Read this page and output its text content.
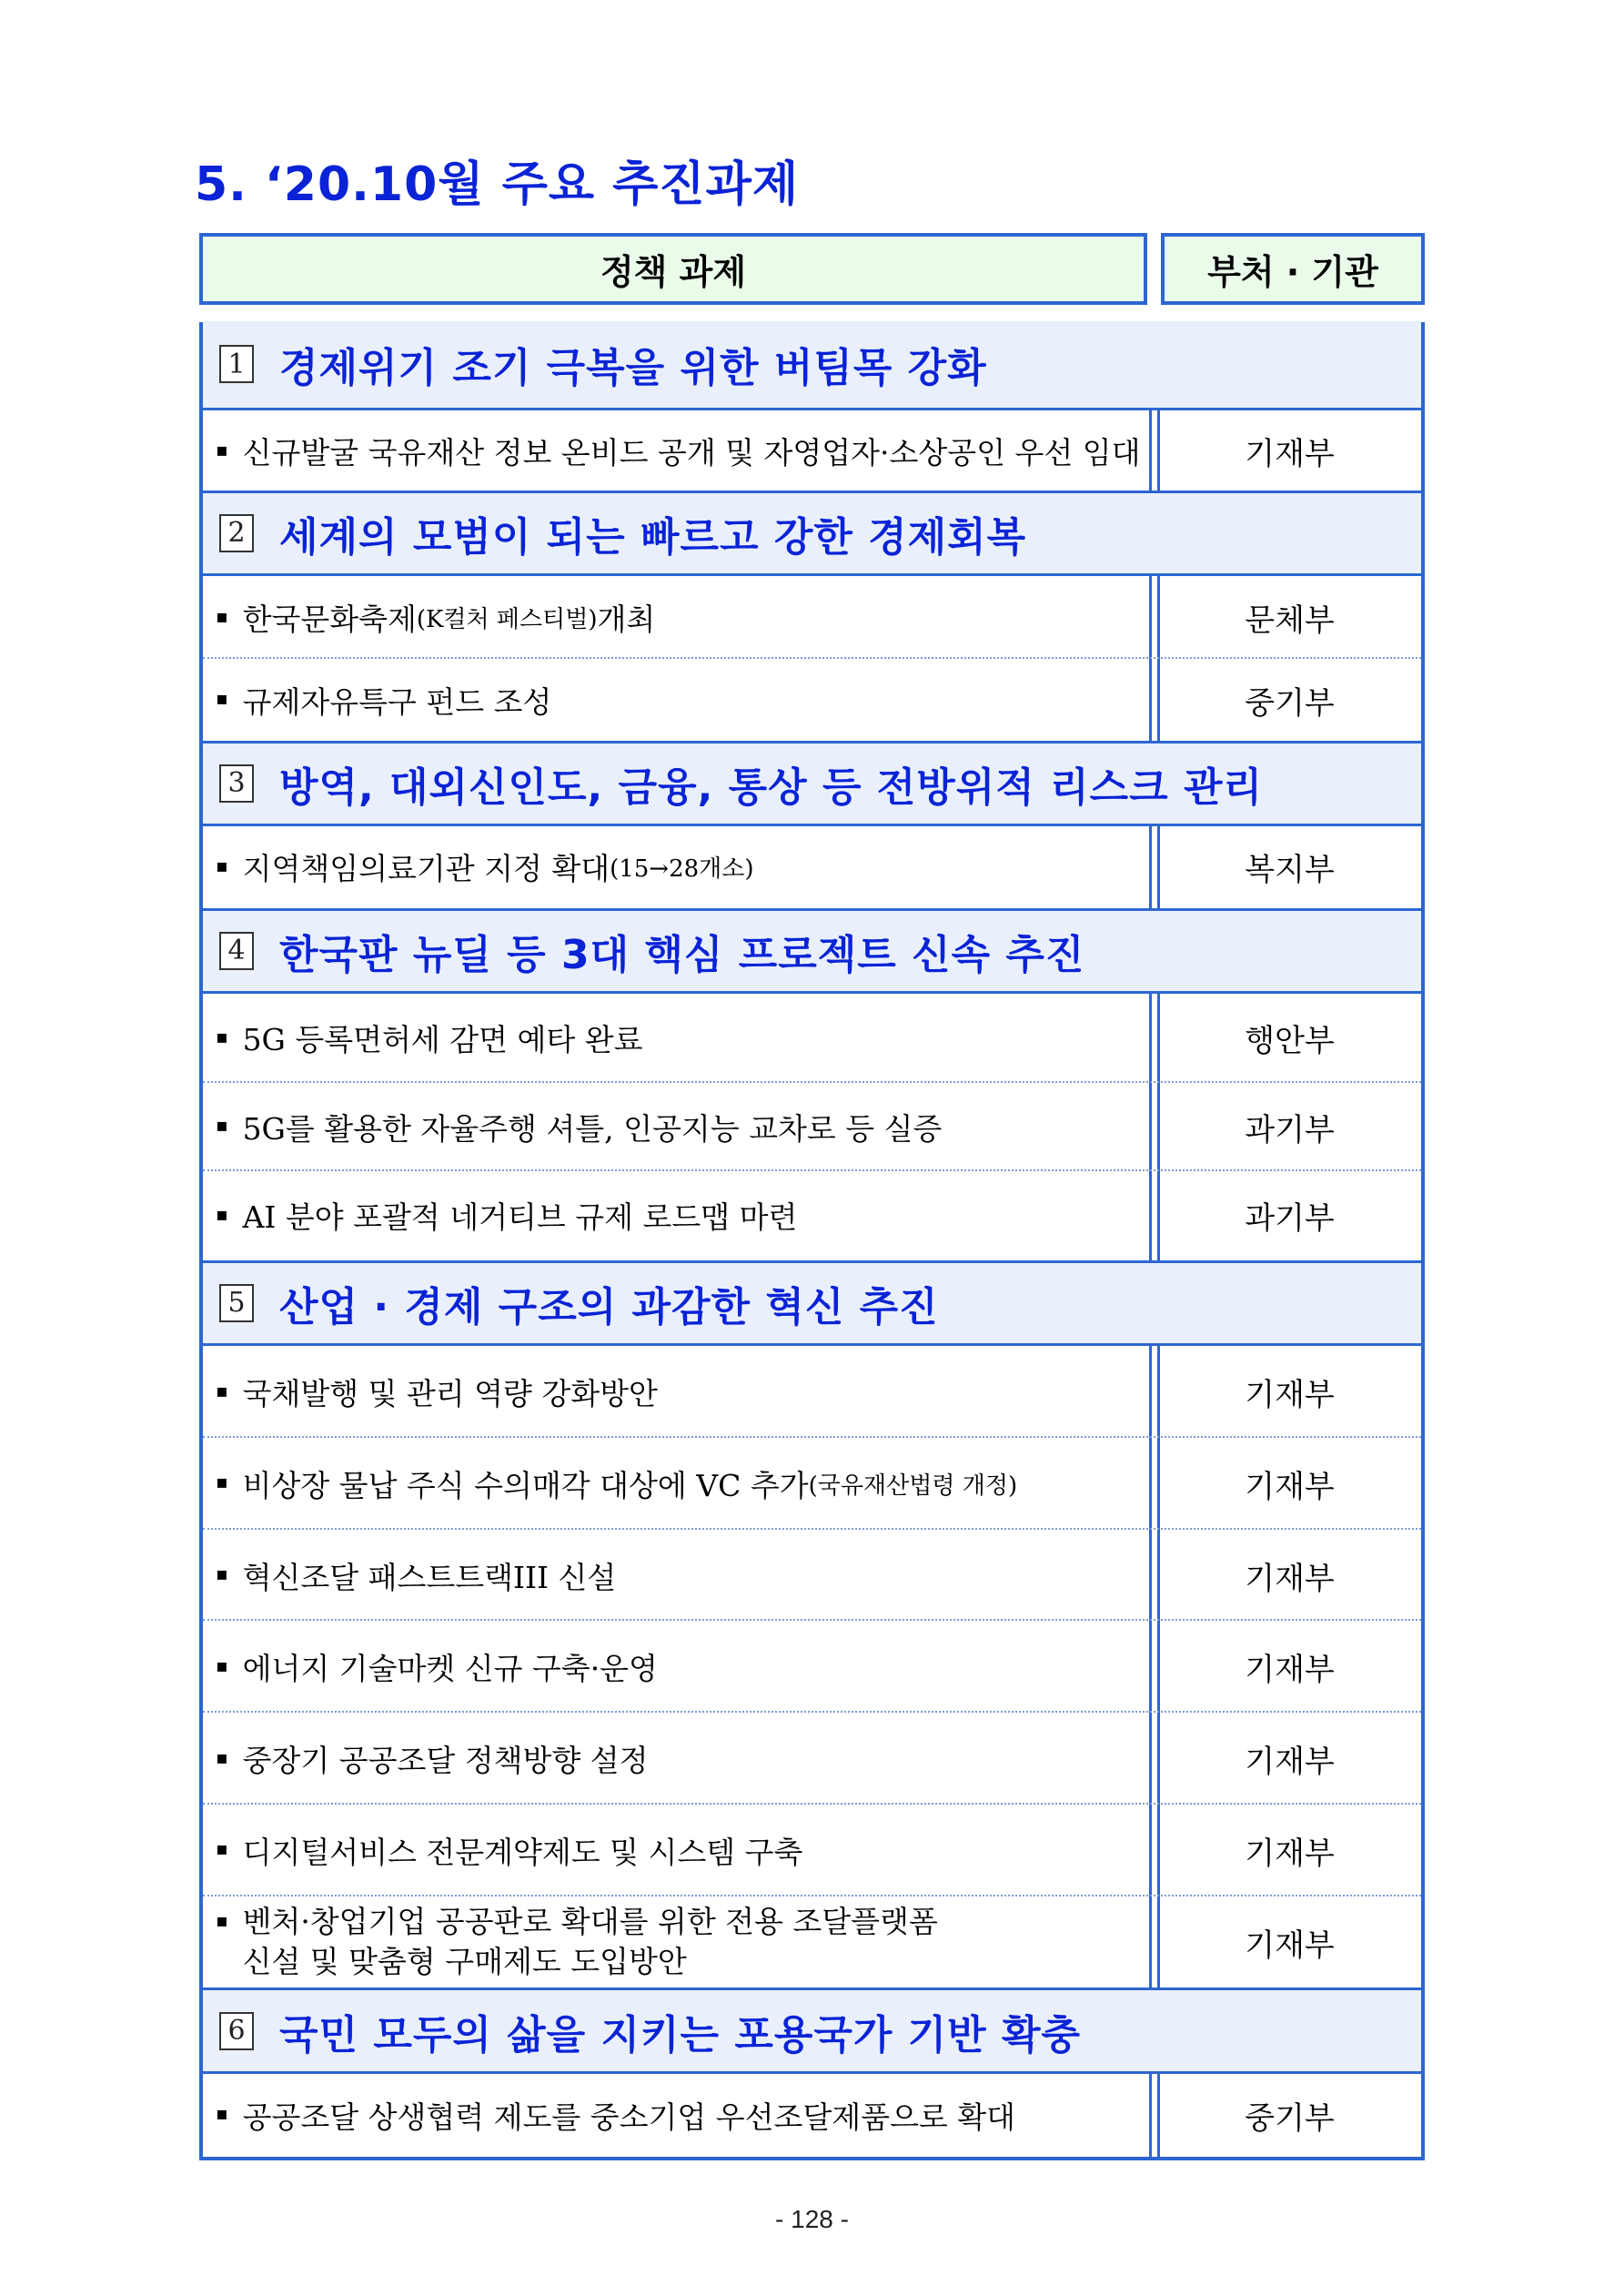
5. ‘20.10월 주요 추진과제
정책 과제	부처 · 기관
1 경제위기 조기 극복을 위한 버팀목 강화
▪ 신규발굴 국유재산 정보 온비드 공개 및 자영업자·소상공인 우선 임대	기재부
2 세계의 모범이 되는 빠르고 강한 경제회복
▪ 한국문화축제 (K컬처 페스티벌) 개최	문체부
▪ 규제자유특구 펀드 조성	중기부
3 방역, 대외신인도, 금융, 통상 등 전방위적 리스크 관리
▪ 지역책임의료기관 지정 확대 (15→28개소)	복지부
4 한국판 뉴딜 등 3대 핵심 프로젝트 신속 추진
▪ 5G 등록면허세 감면 예타 완료	행안부
▪ 5G를 활용한 자율주행 셔틀, 인공지능 교차로 등 실증	과기부
▪ AI 분야 포괄적 네거티브 규제 로드맵 마련	과기부
5 산업 · 경제 구조의 과감한 혁신 추진
▪ 국채발행 및 관리 역량 강화방안	기재부
▪ 비상장 물납 주식 수의매각 대상에 VC 추가 (국유재산법령 개정)	기재부
▪ 혁신조달 패스트트랙III 신설	기재부
▪ 에너지 기술마켓 신규 구축·운영	기재부
▪ 중장기 공공조달 정책방향 설정	기재부
▪ 디지털서비스 전문계약제도 및 시스템 구축	기재부
▪ 벤처·창업기업 공공판로 확대를 위한 전용 조달플랫폼
신설 및 맞춤형 구매제도 도입방안	기재부
6 국민 모두의 삶을 지키는 포용국가 기반 확충
▪ 공공조달 상생협력 제도를 중소기업 우선조달제품으로 확대	중기부
- 128 -
